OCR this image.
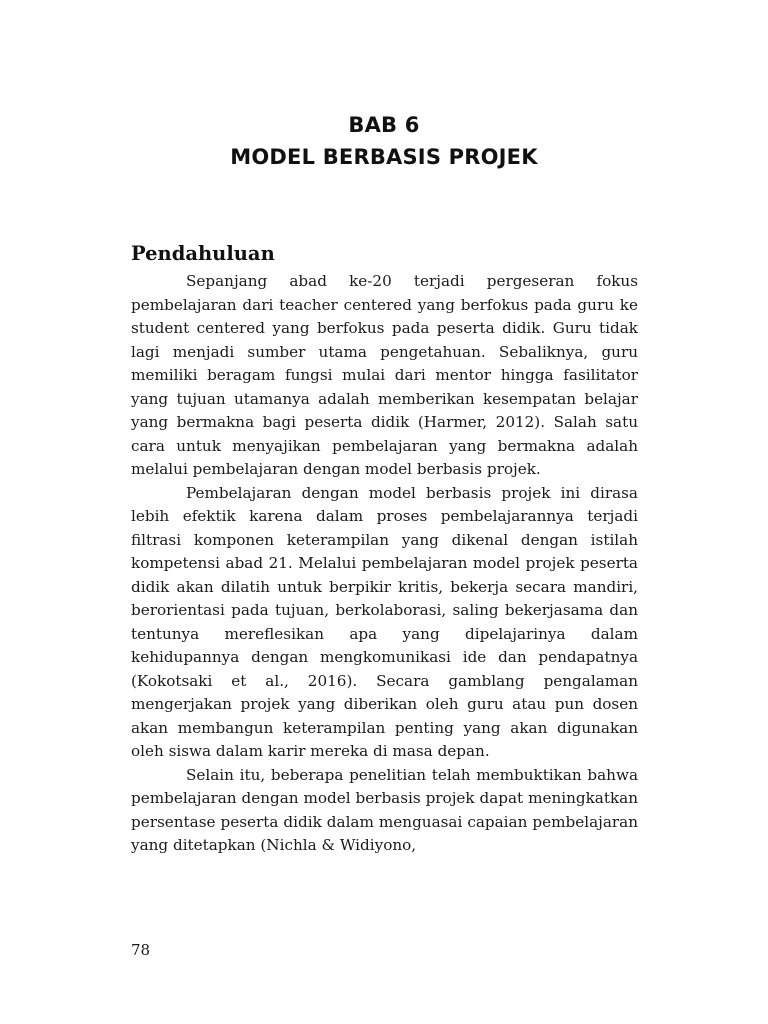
BAB 6
MODEL BERBASIS PROJEK
Pendahuluan

Sepanjang abad ke-20 terjadi pergeseran fokus pembelajaran dari teacher centered yang berfokus pada guru ke student centered yang berfokus pada peserta didik. Guru tidak lagi menjadi sumber utama pengetahuan. Sebaliknya, guru memiliki beragam fungsi mulai dari mentor hingga fasilitator yang tujuan utamanya adalah memberikan kesempatan belajar yang bermakna bagi peserta didik (Harmer, 2012). Salah satu cara untuk menyajikan pembelajaran yang bermakna adalah melalui pembelajaran dengan model berbasis projek.

Pembelajaran dengan model berbasis projek ini dirasa lebih efektik karena dalam proses pembelajarannya terjadi filtrasi komponen keterampilan yang dikenal dengan istilah kompetensi abad 21. Melalui pembelajaran model projek peserta didik akan dilatih untuk berpikir kritis, bekerja secara mandiri, berorientasi pada tujuan, berkolaborasi, saling bekerjasama dan tentunya mereflesikan apa yang dipelajarinya dalam kehidupannya dengan mengkomunikasi ide dan pendapatnya (Kokotsaki et al., 2016). Secara gamblang pengalaman mengerjakan projek yang diberikan oleh guru atau pun dosen akan membangun keterampilan penting yang akan digunakan oleh siswa dalam karir mereka di masa depan.

Selain itu, beberapa penelitian telah membuktikan bahwa pembelajaran dengan model berbasis projek dapat meningkatkan persentase peserta didik dalam menguasai capaian pembelajaran yang ditetapkan (Nichla & Widiyono,

78
